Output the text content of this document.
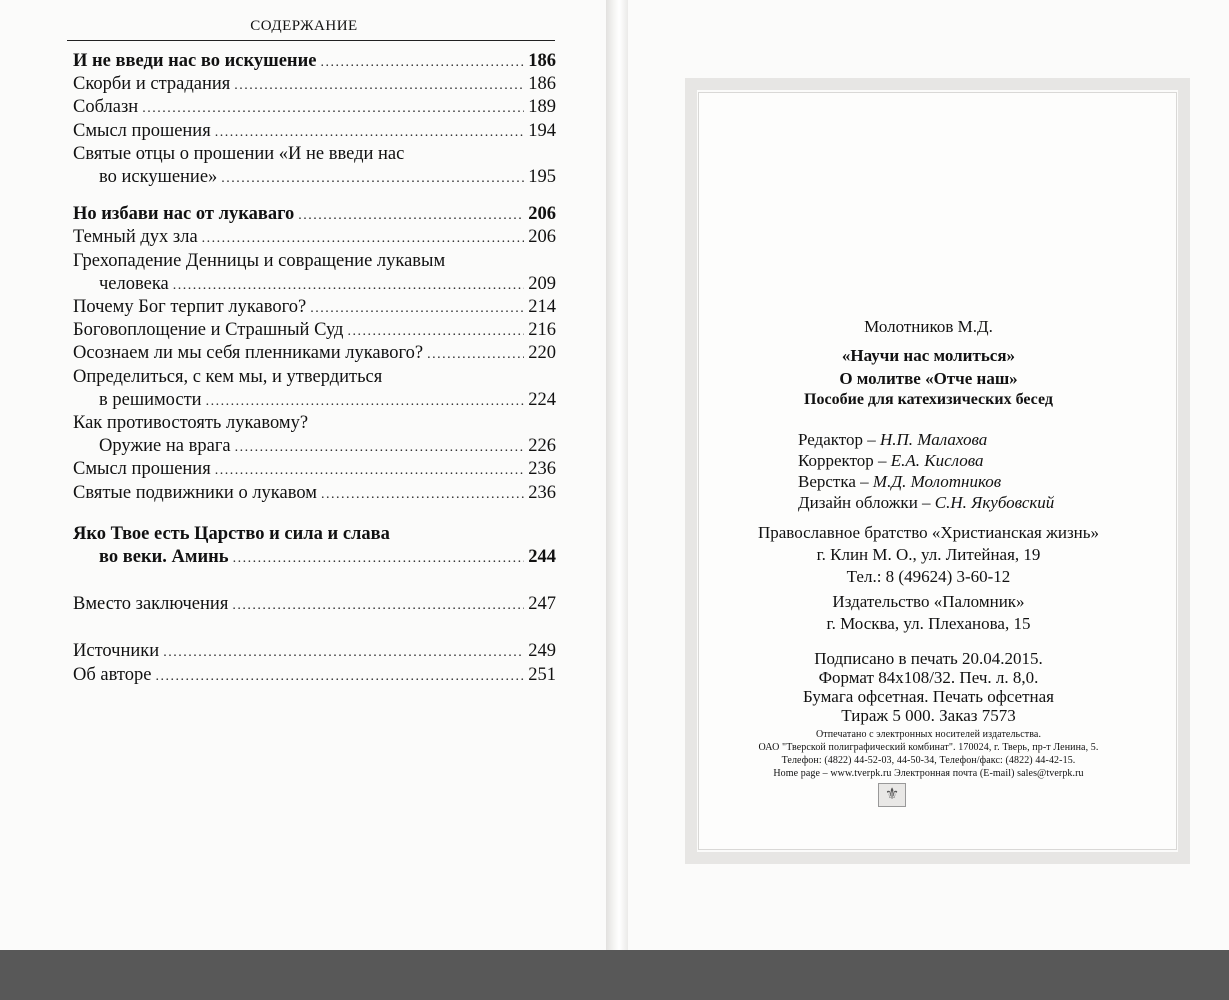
СОДЕРЖАНИЕ
И не введи нас во искушение .....	186
Скорби и страдания .....	186
Соблазн .....	189
Смысл прошения .....	194
Святые отцы о прошении «И не введи нас
во искушение» .....	195
Но избави нас от лукаваго .....	206
Темный дух зла .....	206
Грехопадение Денницы и совращение лукавым
человека .....	209
Почему Бог терпит лукавого? .....	214
Боговоплощение и Страшный Суд .....	216
Осознаем ли мы себя пленниками лукавого? .....	220
Определиться, с кем мы, и утвердиться
в решимости .....	224
Как противостоять лукавому?
Оружие на врага .....	226
Смысл прошения .....	236
Святые подвижники о лукавом .....	236
Яко Твое есть Царство и сила и слава
во веки. Аминь .....	244
Вместо заключения .....	247
Источники .....	249
Об авторе .....	251
Молотников М.Д.
«Научи нас молиться»
О молитве «Отче наш»
Пособие для катехизических бесед
Редактор – Н.П. Малахова
Корректор – Е.А. Кислова
Верстка – М.Д. Молотников
Дизайн обложки – С.Н. Якубовский
Православное братство «Христианская жизнь»
г. Клин М. О., ул. Литейная, 19
Тел.: 8 (49624) 3-60-12
Издательство «Паломник»
г. Москва, ул. Плеханова, 15
Подписано в печать 20.04.2015.
Формат 84х108/32. Печ. л. 8,0.
Бумага офсетная. Печать офсетная
Тираж 5 000. Заказ 7573
Отпечатано с электронных носителей издательства.
ОАО "Тверской полиграфический комбинат". 170024, г. Тверь, пр-т Ленина, 5.
Телефон: (4822) 44-52-03, 44-50-34, Телефон/факс: (4822) 44-42-15.
Home page – www.tverpk.ru Электронная почта (E-mail) sales@tverpk.ru
⚜
